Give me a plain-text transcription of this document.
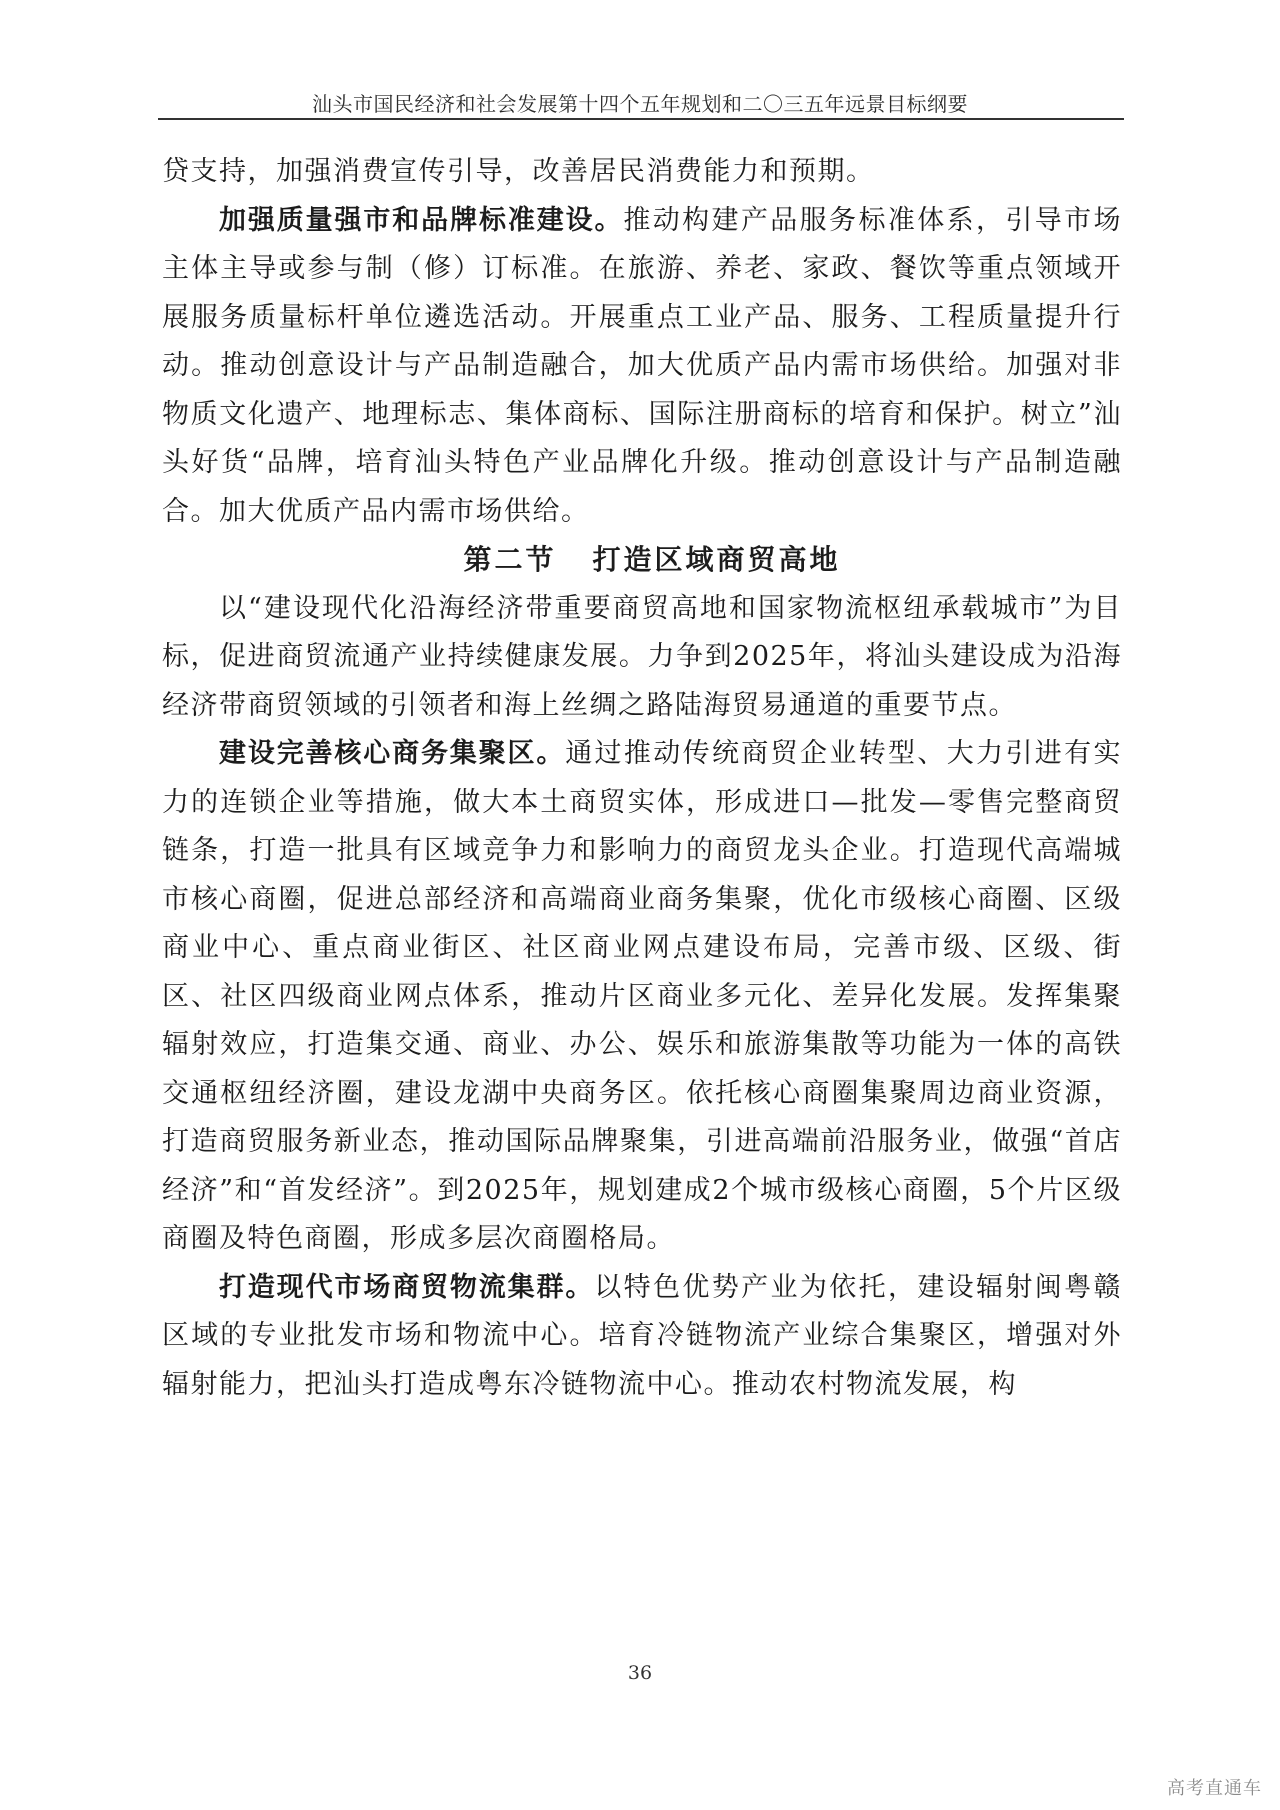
汕头市国民经济和社会发展第十四个五年规划和二〇三五年远景目标纲要

贷支持，加强消费宣传引导，改善居民消费能力和预期。

加强质量强市和品牌标准建设。推动构建产品服务标准体系，引导市场主体主导或参与制（修）订标准。在旅游、养老、家政、餐饮等重点领域开展服务质量标杆单位遴选活动。开展重点工业产品、服务、工程质量提升行动。推动创意设计与产品制造融合，加大优质产品内需市场供给。加强对非物质文化遗产、地理标志、集体商标、国际注册商标的培育和保护。树立”汕头好货“品牌，培育汕头特色产业品牌化升级。推动创意设计与产品制造融合。加大优质产品内需市场供给。

第二节 打造区域商贸高地

以“建设现代化沿海经济带重要商贸高地和国家物流枢纽承载城市”为目标，促进商贸流通产业持续健康发展。力争到2025年，将汕头建设成为沿海经济带商贸领域的引领者和海上丝绸之路陆海贸易通道的重要节点。

建设完善核心商务集聚区。通过推动传统商贸企业转型、大力引进有实力的连锁企业等措施，做大本土商贸实体，形成进口—批发—零售完整商贸链条，打造一批具有区域竞争力和影响力的商贸龙头企业。打造现代高端城市核心商圈，促进总部经济和高端商业商务集聚，优化市级核心商圈、区级商业中心、重点商业街区、社区商业网点建设布局，完善市级、区级、街区、社区四级商业网点体系，推动片区商业多元化、差异化发展。发挥集聚辐射效应，打造集交通、商业、办公、娱乐和旅游集散等功能为一体的高铁交通枢纽经济圈，建设龙湖中央商务区。依托核心商圈集聚周边商业资源，打造商贸服务新业态，推动国际品牌聚集，引进高端前沿服务业，做强“首店经济”和“首发经济”。到2025年，规划建成2个城市级核心商圈，5个片区级商圈及特色商圈，形成多层次商圈格局。

打造现代市场商贸物流集群。以特色优势产业为依托，建设辐射闽粤赣区域的专业批发市场和物流中心。培育冷链物流产业综合集聚区，增强对外辐射能力，把汕头打造成粤东冷链物流中心。推动农村物流发展，构

36
高考直通车
